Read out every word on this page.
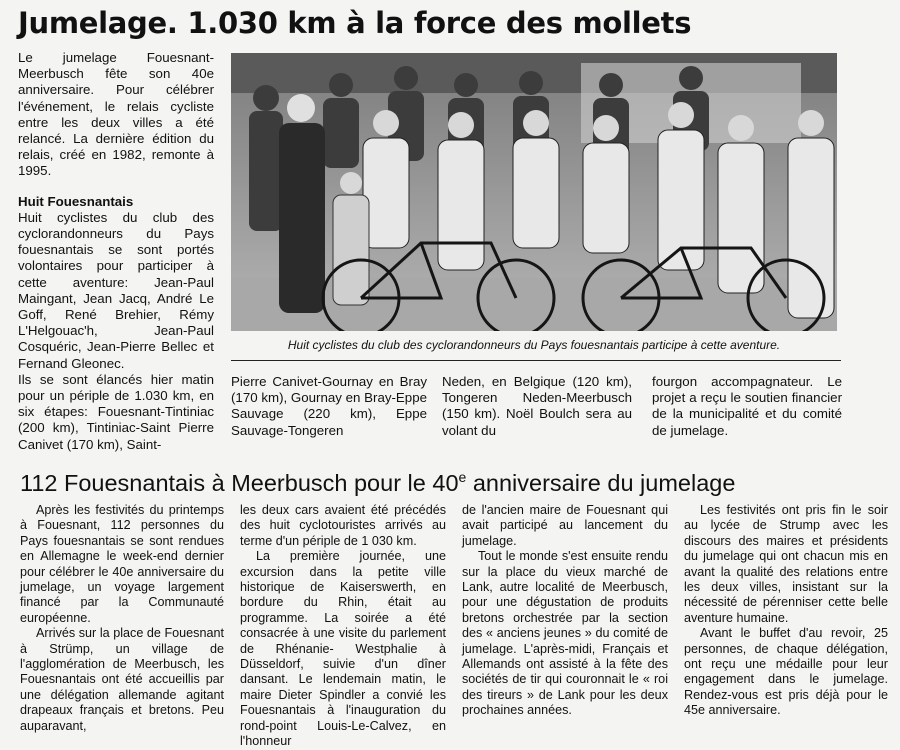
Jumelage. 1.030 km à la force des mollets

Le jumelage Fouesnant-Meerbusch fête son 40e anniversaire. Pour célébrer l'événement, le relais cycliste entre les deux villes a été relancé. La dernière édition du relais, créé en 1982, remonte à 1995.

Huit Fouesnantais

Huit cyclistes du club des cyclorandonneurs du Pays fouesnantais se sont portés volontaires pour participer à cette aventure: Jean-Paul Maingant, Jean Jacq, André Le Goff, René Brehier, Rémy L'Helgouac'h, Jean-Paul Cosquéric, Jean-Pierre Bellec et Fernand Gleonec.

Ils se sont élancés hier matin pour un périple de 1.030 km, en six étapes: Fouesnant-Tintiniac (200 km), Tintiniac-Saint Pierre Canivet (170 km), Saint-

Huit cyclistes du club des cyclorandonneurs du Pays fouesnantais participe à cette aventure.

Pierre Canivet-Gournay en Bray (170 km), Gournay en Bray-Eppe Sauvage (220 km), Eppe Sauvage-Tongeren

Neden, en Belgique (120 km), Tongeren Neden-Meerbusch (150 km). Noël Boulch sera au volant du

fourgon accompagnateur. Le projet a reçu le soutien financier de la municipalité et du comité de jumelage.

112 Fouesnantais à Meerbusch pour le 40e anniversaire du jumelage

Après les festivités du printemps à Fouesnant, 112 personnes du Pays fouesnantais se sont rendues en Allemagne le week-end dernier pour célébrer le 40e anniversaire du jumelage, un voyage largement financé par la Communauté européenne.

Arrivés sur la place de Fouesnant à Strümp, un village de l'agglomération de Meerbusch, les Fouesnantais ont été accueillis par une délégation allemande agitant drapeaux français et bretons. Peu auparavant,

les deux cars avaient été précédés des huit cyclotouristes arrivés au terme d'un périple de 1 030 km.

La première journée, une excursion dans la petite ville historique de Kaiserswerth, en bordure du Rhin, était au programme. La soirée a été consacrée à une visite du parlement de Rhénanie- Westphalie à Düsseldorf, suivie d'un dîner dansant. Le lendemain matin, le maire Dieter Spindler a convié les Fouesnantais à l'inauguration du rond-point Louis-Le-Calvez, en l'honneur

de l'ancien maire de Fouesnant qui avait participé au lancement du jumelage.

Tout le monde s'est ensuite rendu sur la place du vieux marché de Lank, autre localité de Meerbusch, pour une dégustation de produits bretons orchestrée par la section des « anciens jeunes » du comité de jumelage. L'après-midi, Français et Allemands ont assisté à la fête des sociétés de tir qui couronnait le « roi des tireurs » de Lank pour les deux prochaines années.

Les festivités ont pris fin le soir au lycée de Strump avec les discours des maires et présidents du jumelage qui ont chacun mis en avant la qualité des relations entre les deux villes, insistant sur la nécessité de pérenniser cette belle aventure humaine.

Avant le buffet d'au revoir, 25 personnes, de chaque délégation, ont reçu une médaille pour leur engagement dans le jumelage. Rendez-vous est pris déjà pour le 45e anniversaire.
